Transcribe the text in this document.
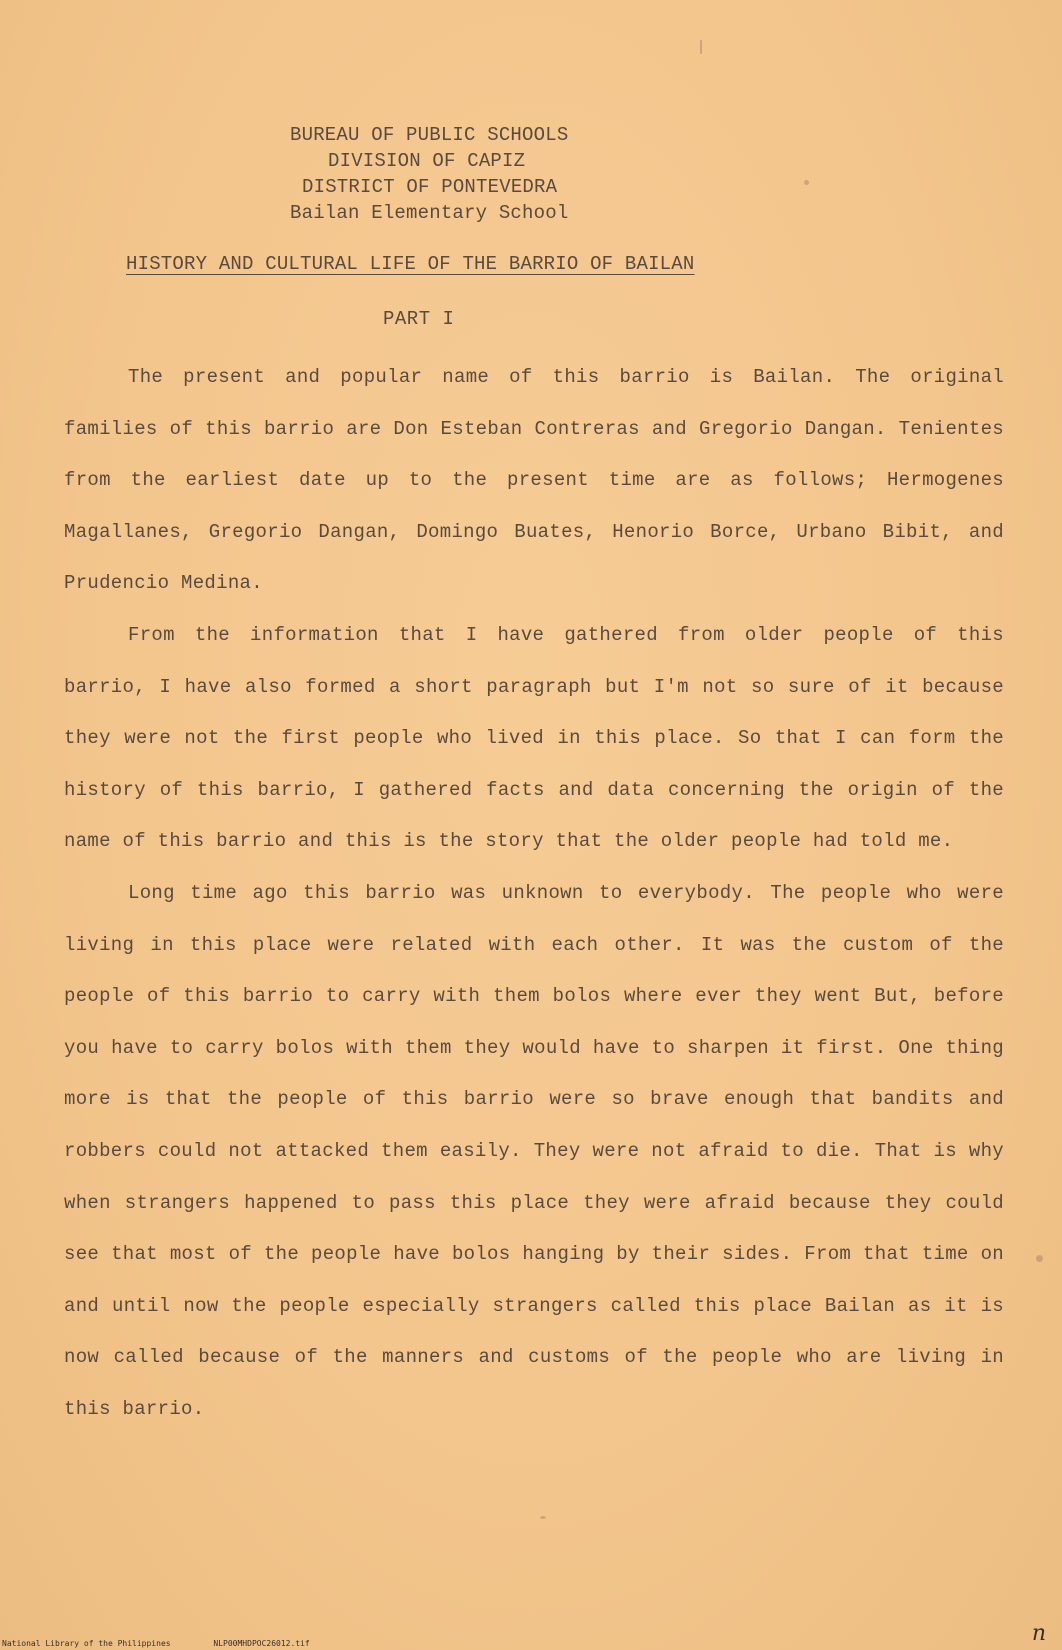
BUREAU OF PUBLIC SCHOOLS
DIVISION OF CAPIZ
DISTRICT OF PONTEVEDRA
Bailan Elementary School
HISTORY AND CULTURAL LIFE OF THE BARRIO OF BAILAN
PART I

The present and popular name of this barrio is Bailan. The original families of this barrio are Don Esteban Contreras and Gregorio Dangan. Tenientes from the earliest date up to the present time are as follows; Hermogenes Magallanes, Gregorio Dangan, Domingo Buates, Henorio Borce, Urbano Bibit, and Prudencio Medina.

From the information that I have gathered from older people of this barrio, I have also formed a short paragraph but I'm not so sure of it because they were not the first people who lived in this place. So that I can form the history of this barrio, I gathered facts and data concerning the origin of the name of this barrio and this is the story that the older people had told me.

Long time ago this barrio was unknown to everybody. The people who were living in this place were related with each other. It was the custom of the people of this barrio to carry with them bolos where ever they went But, before you have to carry bolos with them they would have to sharpen it first. One thing more is that the people of this barrio were so brave enough that bandits and robbers could not attacked them easily. They were not afraid to die. That is why when strangers happened to pass this place they were afraid because they could see that most of the people have bolos hanging by their sides. From that time on and until now the people especially strangers called this place Bailan as it is now called because of the manners and customs of the people who are living in this barrio.

National Library of the Philippines	NLP00MHDPOC26012.tif	n
